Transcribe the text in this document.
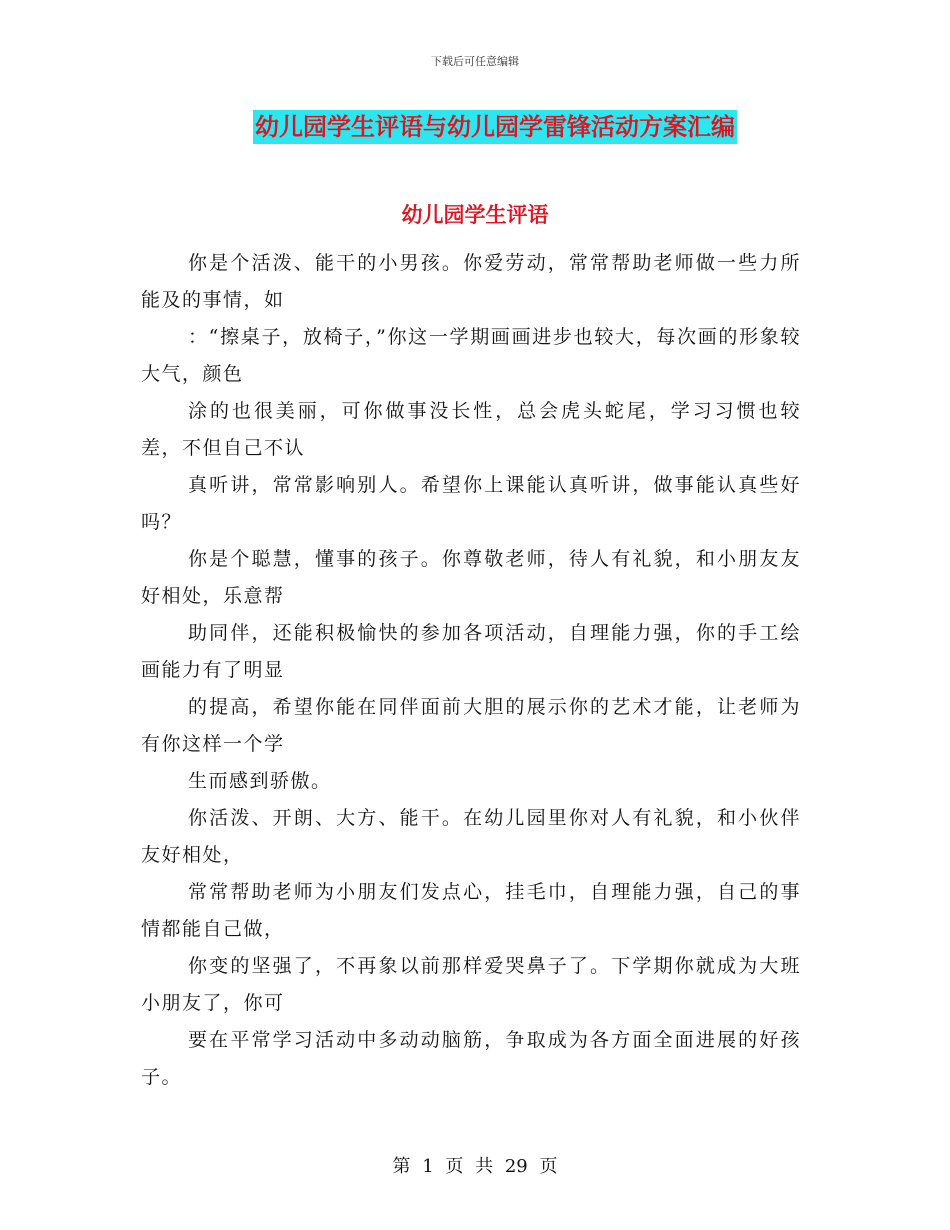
下载后可任意编辑
幼儿园学生评语与幼儿园学雷锋活动方案汇编
幼儿园学生评语

你是个活泼、能干的小男孩。你爱劳动，常常帮助老师做一些力所能及的事情，如

：“擦桌子，放椅子，”你这一学期画画进步也较大，每次画的形象较大气，颜色

涂的也很美丽，可你做事没长性，总会虎头蛇尾，学习习惯也较差，不但自己不认

真听讲，常常影响别人。希望你上课能认真听讲，做事能认真些好吗？

你是个聪慧，懂事的孩子。你尊敬老师，待人有礼貌，和小朋友友好相处，乐意帮

助同伴，还能积极愉快的参加各项活动，自理能力强，你的手工绘画能力有了明显

的提高，希望你能在同伴面前大胆的展示你的艺术才能，让老师为有你这样一个学

生而感到骄傲。

你活泼、开朗、大方、能干。在幼儿园里你对人有礼貌，和小伙伴友好相处，

常常帮助老师为小朋友们发点心，挂毛巾，自理能力强，自己的事情都能自己做，

你变的坚强了，不再象以前那样爱哭鼻子了。下学期你就成为大班小朋友了，你可

要在平常学习活动中多动动脑筋，争取成为各方面全面进展的好孩子。

第 1 页 共 29 页
